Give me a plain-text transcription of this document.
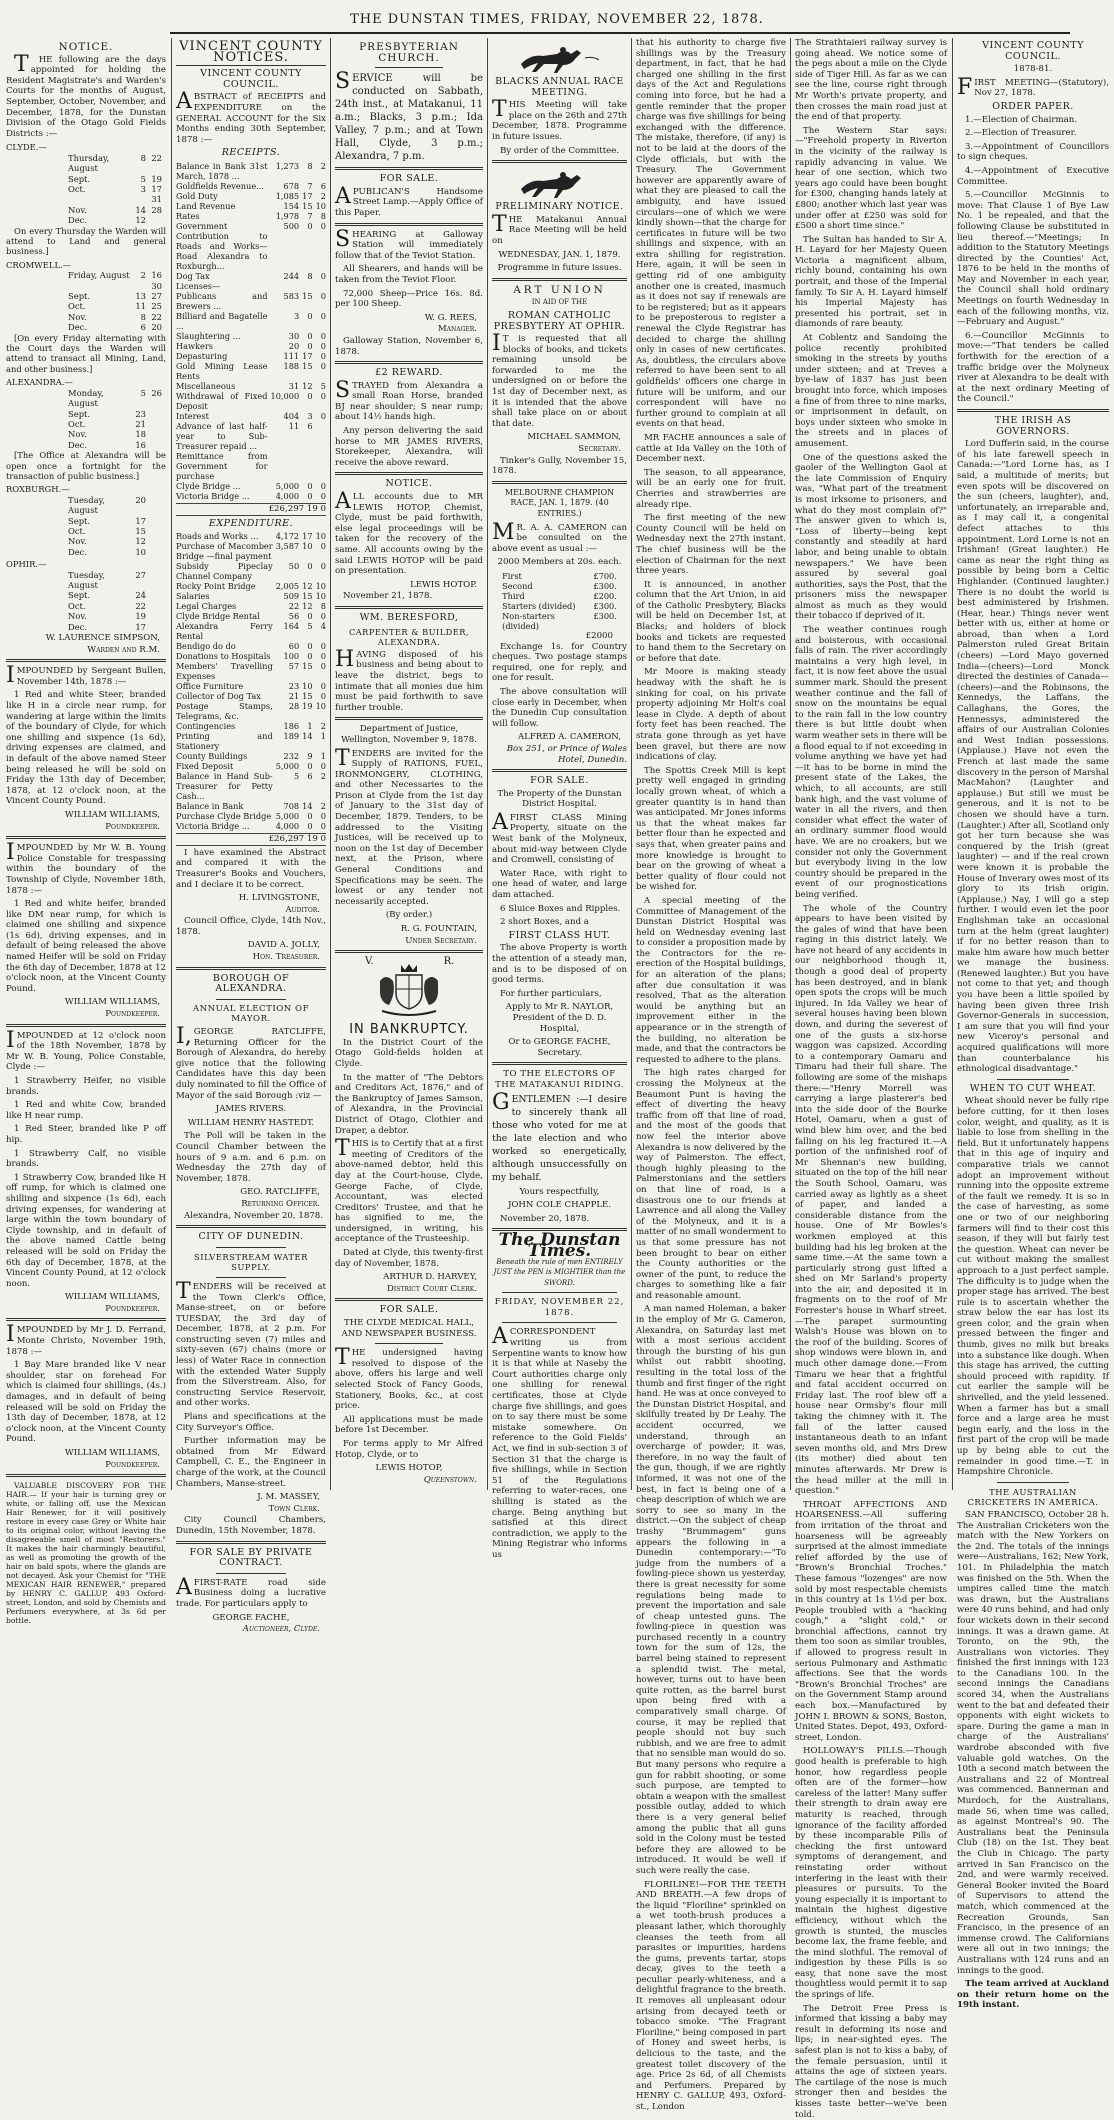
THE DUNSTAN TIMES, FRIDAY, NOVEMBER 22, 1878.
NOTICE.

THE following are the days appointed for holding the Resident Magistrate's and Warden's Courts for the months of August, September, October, November, and December, 1878, for the Dunstan Division of the Otago Gold Fields Districts :—

CLYDE.—
Thursday, August
8 22
Sept.	5 19
Oct.	3 17 31
Nov.	14 28
Dec.	12

On every Thursday the Warden will attend to Land and general business.]

CROMWELL.—
Friday, August	2 16 30
Sept.	13 27
Oct.	11 25
Nov.	8 22
Dec.	6 20

[On every Friday alternating with the Court days the Warden will attend to transact all Mining, Land, and other business.]

ALEXANDRA.—
Monday, August
5 26
Sept.	23
Oct.	21
Nov.	18
Dec.	16

[The Office at Alexandra will be open once a fortnight for the transaction of public business.]

ROXBURGH.—
Tuesday, August
20
Sept.	17
Oct.	15
Nov.	12
Dec.	10
OPHIR.—
Tuesday, August
27
Sept.	24
Oct.	22
Nov.	19
Dec.	17
W. LAURENCE SIMPSON,
Warden and R.M.

IMPOUNDED by Sergeant Bullen, November 14th, 1878 :—

1 Red and white Steer, branded like H in a circle near rump, for wandering at large within the limits of the boundary of Clyde, for which one shilling and sixpence (1s 6d), driving expenses are claimed, and in default of the above named Steer being released he will be sold on Friday the 13th day of December, 1878, at 12 o'clock noon, at the Vincent County Pound.

WILLIAM WILLIAMS,
Poundkeeper.

IMPOUNDED by Mr W. B. Young Police Constable for trespassing within the boundary of the Township of Clyde, November 18th, 1878 :—

1 Red and white heifer, branded like DM near rump, for which is claimed one shilling and sixpence (1s 6d), driving expenses, and in default of being released the above named Heifer will be sold on Friday the 6th day of December, 1878 at 12 o'clock noon, at the Vincent County Pound.

WILLIAM WILLIAMS,
Poundkeeper.

IMPOUNDED at 12 o'clock noon of the 18th November, 1878 by Mr W. B. Young, Police Constable, Clyde :—

1 Strawberry Heifer, no visible brands.

1 Red and white Cow, branded like H near rump.

1 Red Steer, branded like P off hip.

1 Strawberry Calf, no visible brands.

1 Strawberry Cow, branded like H off rump, for which is claimed one shilling and sixpence (1s 6d), each driving expenses, for wandering at large within the town boundary of Clyde township, and in default of the above named Cattle being released will be sold on Friday the 6th day of December, 1878, at the Vincent County Pound, at 12 o'clock noon.

WILLIAM WILLIAMS,
Poundkeeper.

IMPOUNDED by Mr J. D. Ferrand, Monte Christo, November 19th, 1878 :—

1 Bay Mare branded like V near shoulder, star on forehead For which is claimed four shillings, (4s.) damages, and in default of being released will be sold on Friday the 13th day of December, 1878, at 12 o'clock noon, at the Vincent County Pound.

WILLIAM WILLIAMS,
Poundkeeper.

VALUABLE DISCOVERY FOR THE HAIR.— If your hair is turning grey or white, or falling off, use the Mexican Hair Renewer, for it will positively restore in every case Grey or White hair to its original color, without leaving the disagreeable smell of most "Restorers." It makes the hair charmingly beautiful, as well as promoting the growth of the hair on bald spots, where the glands are not decayed. Ask your Chemist for "THE MEXICAN HAIR RENEWER," prepared by HENRY C. GALLUP, 493 Oxford-street, London, and sold by Chemists and Perfumers everywhere, at 3s 6d per bottle.

VINCENT COUNTY NOTICES.
VINCENT COUNTY COUNCIL.

ABSTRACT of RECEIPTS and EXPENDITURE on the GENERAL ACCOUNT for the Six Months ending 30th September, 1878 :—

RECEIPTS.
Balance in Bank 31st March, 1878 ...	1,273	8	2
Goldfields Revenue...	678	7	6
Gold Duty	1,085	17	2
Land Revenue	154	15	10
Rates	1,978	7	8
Government Contribution to Roads and Works—Road Alexandra to Roxburgh...	500	0	0
Dog Tax	244	8	0
Licenses—			
Publicans and Brewers ...	583	15	0
Billiard and Bagatelle ...	3	0	0
Slaughtering ...	30	0	0
Hawkers	20	0	0
Depasturing	111	17	0
Gold Mining Lease Rents	188	15	0
Miscellaneous	31	12	5
Withdrawal of Fixed Deposit	10,000	0	0
Interest	404	3	0
Advance of last half-year to Sub-Treasurer repaid ...	11	6	
Remittance from Government for purchase			
Clyde Bridge ...	5,000	0	0
Victoria Bridge ...	4,000	0	0
£26,297 19 0
EXPENDITURE.
Roads and Works ...	4,172	17	10
Purchase of Macomber Bridge —final payment	3,587	10	0
Subsidy Pipeclay Channel Company	50	0	0
Rocky Point Bridge	2,005	12	10
Salaries	509	15	10
Legal Charges	22	12	8
Clyde Bridge Rental	56	0	0
Alexandra Ferry Rental	164	5	4
Bendigo do do	60	0	0
Donations to Hospitals	100	0	0
Members' Travelling Expenses	57	15	0
Office Furniture	23	10	0
Collector of Dog Tax	21	15	0
Postage Stamps, Telegrams, &c.	28	19	10
Contingencies	186	1	2
Printing and Stationery	189	14	1
County Buildings	232	9	1
Fixed Deposit	5,000	0	0
Balance in Hand Sub-Treasurer for Petty Cash...	5	6	2
Balance in Bank	708	14	2
Purchase Clyde Bridge	5,000	0	0
Victoria Bridge ...	4,000	0	0
£26,297 19 0

I have examined the Abstract and compared it with the Treasurer's Books and Vouchers, and I declare it to be correct.

H. LIVINGSTONE,
Auditor.

Council Office, Clyde, 14th Nov., 1878.

DAVID A. JOLLY,
Hon. Treasurer.
BOROUGH OF ALEXANDRA.
ANNUAL ELECTION OF MAYOR.

I,GEORGE RATCLIFFE, Returning Officer for the Borough of Alexandra, do hereby give notice that the following Candidates have this day been duly nominated to fill the Office of Mayor of the said Borough :viz —

JAMES RIVERS.

WILLIAM HENRY HASTEDT.

The Poll will be taken in the Council Chamber between the hours of 9 a.m. and 6 p.m. on Wednesday the 27th day of November, 1878.

GEO. RATCLIFFE,
Returning Officer.

Alexandra, November 20, 1878.

CITY OF DUNEDIN.
SILVERSTREAM WATER SUPPLY.

TENDERS will be received at the Town Clerk's Office, Manse-street, on or before TUESDAY, the 3rd day of December, 1878, at 2 p.m. For constructing seven (7) miles and sixty-seven (67) chains (more or less) of Water Race in connection with the extended Water Supply from the Silverstream. Also, for constructing Service Reservoir, and other works.

Plans and specifications at the City Surveyor's Office.

Further information may be obtained from Mr Edward Campbell, C. E., the Engineer in charge of the work, at the Council Chambers, Manse-street.

J. M. MASSEY,
Town Clerk.

City Council Chambers, Dunedin, 15th November, 1878.

FOR SALE BY PRIVATE CONTRACT.

AFIRST-RATE road side Business doing a lucrative trade. For particulars apply to

GEORGE FACHE,
Auctioneer, Clyde.
PRESBYTERIAN CHURCH.

SERVICE will be conducted on Sabbath, 24th inst., at Matakanui, 11 a.m.; Blacks, 3 p.m.; Ida Valley, 7 p.m.; and at Town Hall, Clyde, 3 p.m.; Alexandra, 7 p.m.

FOR SALE.

APUBLICAN'S Handsome Street Lamp.—Apply Office of this Paper.

SHEARING at Galloway Station will immediately follow that of the Teviot Station.

All Shearers, and hands will be taken from the Teviot Floor.

72,000 Sheep—Price 16s. 8d. per 100 Sheep.

W. G. REES,
Manager.

Galloway Station, November 6, 1878.

£2 REWARD.

STRAYED from Alexandra a small Roan Horse, branded BJ near shoulder; S near rump; about 14½ hands high.

Any person delivering the said horse to MR JAMES RIVERS, Storekeeper, Alexandra, will receive the above reward.

NOTICE.

ALL accounts due to MR LEWIS HOTOP, Chemist, Clyde, must be paid forthwith, else legal proceedings will be taken for the recovery of the same. All accounts owing by the said LEWIS HOTOP will be paid on presentation.

LEWIS HOTOP.

November 21, 1878.

WM. BERESFORD,
CARPENTER & BUILDER, ALEXANDRA.

HAVING disposed of his business and being about to leave the district, begs to intimate that all monies due him must be paid forthwith to save further trouble.

Department of Justice, Wellington, November 9, 1878.

TENDERS are invited for the Supply of RATIONS, FUEL, IRONMONGERY, CLOTHING, and other Necessaries to the Prison at Clyde from the 1st day of January to the 31st day of December, 1879. Tenders, to be addressed to the Visiting Justices, will be received up to noon on the 1st day of December next, at the Prison, where General Conditions and Specifications may be seen. The lowest or any tender not necessarily accepted.

(By order.)

R. G. FOUNTAIN,
Under Secretary.
V.	R.
IN BANKRUPTCY.

In the District Court of the Otago Gold-fields holden at Clyde.

In the matter of "The Debtors and Creditors Act, 1876," and of the Bankruptcy of James Samson, of Alexandra, in the Provincial District of Otago, Clothier and Draper, a debtor.

THIS is to Certify that at a first meeting of Creditors of the above-named debtor, held this day at the Court-house, Clyde, George Fache, of Clyde, Accountant, was elected Creditors' Trustee, and that he has signified to me, the undersigned, in writing, his acceptance of the Trusteeship.

Dated at Clyde, this twenty-first day of November, 1878.

ARTHUR D. HARVEY,
District Court Clerk.
FOR SALE.

THE CLYDE MEDICAL HALL, AND NEWSPAPER BUSINESS.

THE undersigned having resolved to dispose of the above, offers his large and well selected Stock of Fancy Goods, Stationery, Books, &c., at cost price.

All applications must be made before 1st December.

For terms apply to Mr Alfred Hotop, Clyde, or to

LEWIS HOTOP,
Queenstown.
BLACKS ANNUAL RACE MEETING.

THIS Meeting will take place on the 26th and 27th December, 1878. Programme in future issues.

By order of the Committee.

PRELIMINARY NOTICE.

THE Matakanui Annual Race Meeting will be held on

WEDNESDAY, JAN. 1, 1879.

Programme in future issues.

ART UNION

IN AID OF THE

ROMAN CATHOLIC PRESBYTERY AT OPHIR.

IT is requested that all blocks of books, and tickets remaining unsold be forwarded to me the undersigned on or before the 1st day of December next, as it is intended that the above shall take place on or about that date.

MICHAEL SAMMON,
Secretary.

Tinker's Gully, November 15, 1878.

MELBOURNE CHAMPION RACE, JAN. 1, 1879. (40 ENTRIES.)

MR. A. A. CAMERON can be consulted on the above event as usual :—

2000 Members at 20s. each.

First	£700.
Second	£300.
Third	£200.
Starters (divided)	£300.
Non-starters (divided)	£300.
£2000

Exchange 1s. for Country cheques. Two postage stamps required, one for reply, and one for result.

The above consultation will close early in December, when the Dunedin Cup consultation will follow.

ALFRED A. CAMERON,

Box 251, or Prince of Wales Hotel, Dunedin.

FOR SALE.

The Property of the Dunstan District Hospital.

AFIRST CLASS Mining Property, situate on the West bank of the Molyneux, about mid-way between Clyde and Cromwell, consisting of

Water Race, with right to one head of water, and large dam attached.

6 Sluice Boxes and Ripples.

2 short Boxes, and a

FIRST CLASS HUT.

The above Property is worth the attention of a steady man, and is to be disposed of on good terms.

For further particulars,

Apply to Mr R. NAYLOR, President of the D. D. Hospital,

Or to GEORGE FACHE, Secretary.

TO THE ELECTORS OF THE MATAKANUI RIDING.

GENTLEMEN :—I desire to sincerely thank all those who voted for me at the late election and who worked so energetically, although unsuccessfully on my behalf.

Yours respectfully,

JOHN COLE CHAPPLE.

November 20, 1878.

The Dunstan Times.

Beneath the rule of men ENTIRELY JUST the PEN is MIGHTIER than the SWORD.

FRIDAY, NOVEMBER 22, 1878.

ACORRESPONDENT writing us from Serpentine wants to know how it is that while at Naseby the Court authorities charge only one shilling for renewal certificates, those at Clyde charge five shillings, and goes on to say there must be some mistake somewhere. On reference to the Gold Fields' Act, we find in sub-section 3 of Section 31 that the charge is five shillings, while in Section 51 of the Regulations referring to water-races, one shilling is stated as the charge. Being anything but satisfied at this direct contradiction, we apply to the Mining Registrar who informs us

that his authority to charge five shillings was by the Treasury department, in fact, that he had charged one shilling in the first days of the Act and Regulations coming into force, but he had a gentle reminder that the proper charge was five shillings for being exchanged with the difference. The mistake, therefore, (if any) is not to be laid at the doors of the Clyde officials, but with the Treasury. The Government however are apparently aware of what they are pleased to call the ambiguity, and have issued circulars—one of which we were kindly shown—that the charge for certificates in future will be two shillings and sixpence, with an extra shilling for registration. Here, again, it will be seen in getting rid of one ambiguity another one is created, inasmuch as it does not say if renewals are to be registered; but as it appears to be preposterous to register a renewal the Clyde Registrar has decided to charge the shilling only in cases of new certificates. As, doubtless, the circulars above referred to have been sent to all goldfields' officers one charge in future will be uniform, and our correspondent will have no further ground to complain at all events on that head.

MR FACHE announces a sale of cattle at Ida Valley on the 10th of December next.

The season, to all appearance, will be an early one for fruit. Cherries and strawberries are already ripe.

The first meeting of the new County Council will be held on Wednesday next the 27th instant. The chief business will be the election of Chairman for the next three years.

It is announced, in another column that the Art Union, in aid of the Catholic Presbytery, Blacks will be held on December 1st, at Blacks; and holders of block books and tickets are requested to hand them to the Secretary on or before that date.

Mr Moore is making steady headway with the shaft he is sinking for coal, on his private property adjoining Mr Holt's coal lease in Clyde. A depth of about forty feet has been reached. The strata gone through as yet have been gravel, but there are now indications of clay.

The Spottis Creek Mill is kept pretty well engaged in grinding locally grown wheat, of which a greater quantity is in hand than was anticipated. Mr Jones informs us that the wheat makes far better flour than he expected and says that, when greater pains and more knowledge is brought to bear on the growing of wheat a better quality of flour could not be wished for.

A special meeting of the Committee of Management of the Dunstan District Hospital was held on Wednesday evening last to consider a proposition made by the Contractors for the re-erection of the Hospital buildings, for an alteration of the plans; after due consultation it was resolved, That as the alteration would be anything but an improvement either in the appearance or in the strength of the building, no alteration be made, and that the contractors be requested to adhere to the plans.

The high rates charged for crossing the Molyneux at the Beaumont Punt is having the effect of diverting the heavy traffic from off that line of road, and the most of the goods that now feel the interior above Alexandra is now delivered by the way of Palmerston. The effect, though highly pleasing to the Palmerstonians and the settlers on that line of road, is a disastrous one to our friends at Lawrence and all along the Valley of the Molyneux, and it is a matter of no small wonderment to us that some pressure has not been brought to bear on either the County authorities or the owner of the punt, to reduce the charges to something like a fair and reasonable amount.

A man named Holeman, a baker in the employ of Mr G. Cameron, Alexandra, on Saturday last met with a most serious accident through the bursting of his gun whilst out rabbit shooting, resulting in the total loss of the thumb and first finger of the right hand. He was at once conveyed to the Dunstan District Hospital, and skilfully treated by Dr Leahy. The accident occurred, we understand, through an overcharge of powder; it was, therefore, in no way the fault of the gun, though, if we are rightly informed, it was not one of the best, in fact is being one of a cheap description of which we are sorry to see so many in the district.—On the subject of cheap trashy "Brummagem" guns appears the following in a Dunedin contemporary:—"To judge from the numbers of a fowling-piece shown us yesterday, there is great necessity for some regulations being made to prevent the importation and sale of cheap untested guns. The fowling-piece in question was purchased recently in a country town for the sum of 12s, the barrel being stained to represent a splendid twist. The metal, however, turns out to have been quite rotten, as the barrel burst upon being fired with a comparatively small charge. Of course, it may be replied that people should not buy such rubbish, and we are free to admit that no sensible man would do so. But many persons who require a gun for rabbit shooting, or some such purpose, are tempted to obtain a weapon with the smallest possible outlay, added to which there is a very general belief among the public that all guns sold in the Colony must be tested before they are allowed to be introduced. It would be well if such were really the case.

FLORILINE!—FOR THE TEETH AND BREATH.—A few drops of the liquid "Floriline" sprinkled on a wet tooth-brush produces a pleasant lather, which thoroughly cleanses the teeth from all parasites or impurities, hardens the gums, prevents tartar, stops decay, gives to the teeth a peculiar pearly-whiteness, and a delightful fragrance to the breath. It removes all unpleasant odour arising from decayed teeth or tobacco smoke. "The Fragrant Floriline," being composed in part of Honey and sweet herbs, is delicious to the taste, and the greatest toilet discovery of the age. Price 2s 6d, of all Chemists and Perfumers. Prepared by HENRY C. GALLUP, 493, Oxford-st., London

The Strathtaieri railway survey is going ahead. We notice some of the pegs about a mile on the Clyde side of Tiger Hill. As far as we can see the line, course right through Mr Worth's private property, and then crosses the main road just at the end of that property.

The Western Star says:—"Freehold property in Riverton in the vicinity of the railway is rapidly advancing in value. We hear of one section, which two years ago could have been bought for £300, changing hands lately at £800; another which last year was under offer at £250 was sold for £500 a short time since."

The Sultan has handed to Sir A. H. Layard for her Majesty Queen Victoria a magnificent album, richly bound, containing his own portrait, and those of the Imperial family. To Sir A. H. Layard himself his Imperial Majesty has presented his portrait, set in diamonds of rare beauty.

At Coblentz and Sandoing the police recently prohibited smoking in the streets by youths under sixteen; and at Treves a bye-law of 1837 has just been brought into force, which imposes a fine of from three to nine marks, or imprisonment in default, on boys under sixteen who smoke in the streets and in places of amusement.

One of the questions asked the gaoler of the Wellington Gaol at the late Commission of Enquiry was, "What part of the treatment is most irksome to prisoners, and what do they most complain of?" The answer given to which is, "Loss of liberty—being kept constantly and steadily at hard labor, and being unable to obtain newspapers." We have been assured by several goal authorities, says the Post, that the prisoners miss the newspaper almost as much as they would their tobacco if deprived of it.

The weather continues rough and boisterous, with occasional falls of rain. The river accordingly maintains a very high level, in fact, it is now feet above the usual summer mark. Should the present weather continue and the fall of snow on the mountains be equal to the rain fall in the low country there is but little doubt when warm weather sets in there will be a flood equal to if not exceeding in volume anything we have yet had—it has to be borne in mind the present state of the Lakes, the which, to all accounts, are still bank high, and the vast volume of water in all the rivers, and then consider what effect the water of an ordinary summer flood would have. We are no croakers, but we consider not only the Government but everybody living in the low country should be prepared in the event of our prognostications being verified.

The whole of the Country appears to have been visited by the gales of wind that have been raging in this district lately. We have not heard of any accidents in our neighborhood though it, though a good deal of property has been destroyed, and in blank open spots the crops will be much injured. In Ida Valley we hear of several houses having been blown down, and during the severest of one of the gusts a six-horse waggon was capsized. According to a contemporary Oamaru and Timaru had their full share. The following are some of the mishaps there:—"Henry Morrell was carrying a large plasterer's bed into the side door of the Bourke Hotel, Oamaru, when a gust of wind blew him over, and the bed falling on his leg fractured it.—A portion of the unfinished roof of Mr Shennan's new building, situated on the top of the hill near the South School, Oamaru, was carried away as lightly as a sheet of paper, and landed a considerable distance from the house. One of Mr Bowles's workmen employed at this building had his leg broken at the same time.—At the same town a particularly strong gust lifted a shed on Mr Sarland's property into the air, and deposited it in fragments on to the roof of Mr Forrester's house in Wharf street.—The parapet surmounting Walsh's House was blown on to the roof of the building. Scores of shop windows were blown in, and much other damage done.—From Timaru we hear that a frightful and fatal accident occurred on Friday last. The roof blew off a house near Ormsby's flour mill taking the chimney with it. The fall of the latter caused instantaneous death to an infant seven months old, and Mrs Drew (its mother) died about ten minutes afterwards. Mr Drew is the head miller at the mill in question."

THROAT AFFECTIONS AND HOARSENESS.—All suffering from irritation of the throat and hoarseness will be agreeably surprised at the almost immediate relief afforded by the use of "Brown's Bronchial Troches." These famous "lozenges" are now sold by most respectable chemists in this country at 1s 1½d per box. People troubled with a "hacking cough," a "slight cold," or bronchial affections, cannot try them too soon as similar troubles, if allowed to progress result in serious Pulmonary and Asthmatic affections. See that the words "Brown's Bronchial Troches" are on the Government Stamp around each box.—Manufactured by JOHN I. BROWN & SONS, Boston, United States. Depot, 493, Oxford-street, London.

HOLLOWAY'S PILLS.—Though good health is preferable to high honor, how regardless people often are of the former—how careless of the latter! Many suffer their strength to drain away ere maturity is reached, through ignorance of the facility afforded by these incomparable Pills of checking the first untoward symptoms of derangement, and reinstating order without interfering in the least with their pleasures or pursuits. To the young especially it is important to maintain the highest digestive efficiency, without which the growth is stunted, the muscles become lax, the frame feeble, and the mind slothful. The removal of indigestion by these Pills is so easy, that none save the most thoughtless would permit it to sap the springs of life.

The Detroit Free Press is informed that kissing a baby may result in deforming its nose and lips; in near-sighted eyes. The safest plan is not to kiss a baby, of the female persuasion, until it attains the age of sixteen years. The cartilage of the nose is much stronger then and besides the kisses taste better—we've been told.

VINCENT COUNTY COUNCIL.

1878-81.

FIRST MEETING—(Statutory), Nov 27, 1878.

ORDER PAPER.

1.—Election of Chairman.

2.—Election of Treasurer.

3.—Appointment of Councillors to sign cheques.

4.—Appointment of Executive Committee.

5.—Councillor McGinnis to move: That Clause 1 of Bye Law No. 1 be repealed, and that the following Clause be substituted in lieu thereof.—"Meetings; In addition to the Statutory Meetings directed by the Counties' Act, 1876 to be held in the months of May and November in each year, the Council shall hold ordinary Meetings on fourth Wednesday in each of the following months, viz.—February and August."

6.—Councillor McGinnis to move:—"That tenders be called forthwith for the erection of a traffic bridge over the Molyneux river at Alexandra to be dealt with at the next ordinary Meeting of the Council."

THE IRISH AS GOVERNORS.

Lord Dufferin said, in the course of his late farewell speech in Canada:—"Lord Lorne has, as I said, a multitude of merits; but even spots will be discovered on the sun (cheers, laughter), and, unfortunately, an irreparable and, as I may call it, a congenital defect attaches to this appointment. Lord Lorne is not an Irishman! (Great laughter.) He came as near the right thing as possible by being born a Celtic Highlander. (Continued laughter.) There is no doubt the world is best administered by Irishmen. (Hear, hear.) Things never went better with us, either at home or abroad, than when a Lord Palmerston ruled Great Britain (cheers) —Lord Mayo governed India—(cheers)—Lord Monck directed the destinies of Canada—(cheers)—and the Robinsons, the Kennedys, the Laffans, the Callaghans, the Gores, the Hennessys, administered the affairs of our Australian Colonies and West Indian possessions. (Applause.) Have not even the French at last made the same discovery in the person of Marshal MacMahon? (Laughter and applause.) But still we must be generous, and it is not to be chosen we should have a turn. (Laughter.) After all, Scotland only got her turn because she was conquered by the Irish (great laughter) — and if the real crown were known it is probable the House of Inverary owes most of its glory to its Irish origin. (Applause.) Nay, I will go a step further. I would even let the poor Englishman take an occasional turn at the helm (great laughter) if for no better reason than to make him aware how much better we manage the business. (Renewed laughter.) But you have not come to that yet; and though you have been a little spoiled by having been given three Irish Governor-Generals in succession, I am sure that you will find your new Viceroy's personal and acquired qualifications will more than counterbalance his ethnological disadvantage."

WHEN TO CUT WHEAT.

Wheat should never be fully ripe before cutting, for it then loses color, weight, and quality, as it is liable to lose from shelling in the field. But it unfortunately happens that in this age of inquiry and comparative trials we cannot adopt an improvement without running into the opposite extreme of the fault we remedy. It is so in the case of harvesting, as some one or two of our neighboring farmers will find to their cost this season, if they will but fairly test the question. Wheat can never be cut without making the smallest approach to a just perfect sample. The difficulty is to judge when the proper stage has arrived. The best rule is to ascertain whether the straw below the ear has lost its green color, and the grain when pressed between the finger and thumb, gives no milk but breaks into a substance like dough. When this stage has arrived, the cutting should proceed with rapidity. If cut earlier the sample will be shrivelled, and the yield lessened. When a farmer has but a small force and a large area he must begin early, and the loss in the first part of the crop will be made up by being able to cut the remainder in good time.—T. in Hampshire Chronicle.

THE AUSTRALIAN CRICKETERS IN AMERICA.

SAN FRANCISCO, October 28 h. The Australian Cricketers won the match with the New Yorkers on the 2nd. The totals of the innings were—Australians, 162; New York, 101. In Philadelphia the match was finished on the 5th. When the umpires called time the match was drawn, but the Australians were 40 runs behind, and had only four wickets down in their second innings. It was a drawn game. At Toronto, on the 9th, the Australians won victories. They finished the first innings with 123 to the Canadians 100. In the second innings the Canadians scored 34, when the Australians went to the bat and defeated their opponents with eight wickets to spare. During the game a man in charge of the Australians' wardrobe absconded with five valuable gold watches. On the 10th a second match between the Australians and 22 of Montreal was commenced. Bannerman and Murdoch, for the Australians, made 56, when time was called, as against Montreal's 90. The Australians beat the Peninsula Club (18) on the 1st. They beat the Club in Chicago. The party arrived in San Francisco on the 2nd, and were warmly received. General Booker invited the Board of Supervisors to attend the match, which commenced at the Recreation Grounds, San Francisco, in the presence of an immense crowd. The Californians were all out in two innings; the Australians with 124 runs and an innings to the good.

The team arrived at Auckland on their return home on the 19th instant.
